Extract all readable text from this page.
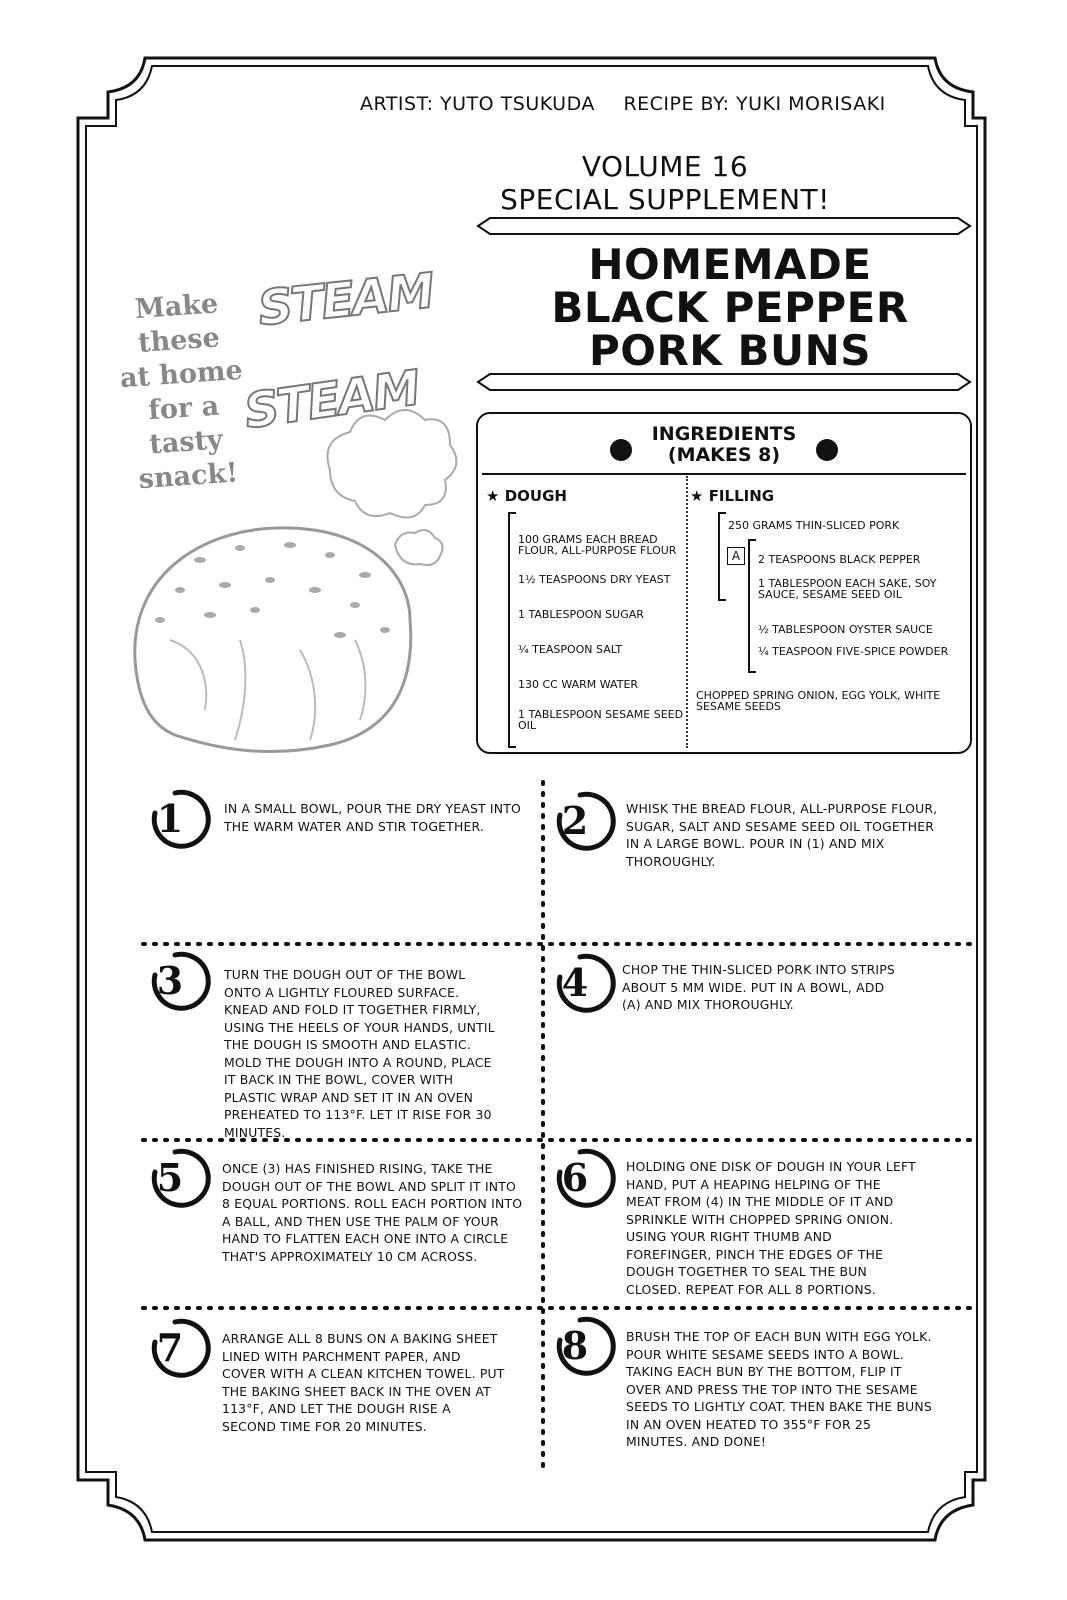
ARTIST: YUTO TSUKUDA RECIPE BY: YUKI MORISAKI
VOLUME 16
SPECIAL SUPPLEMENT!
HOMEMADE
BLACK PEPPER
PORK BUNS
Make
these
at home
for a
tasty
snack!
STEAM
STEAM	INGREDIENTS
(MAKES 8)
★ DOUGH
100 GRAMS EACH BREAD FLOUR, ALL-PURPOSE FLOUR
1½ TEASPOONS DRY YEAST
1 TABLESPOON SUGAR
¼ TEASPOON SALT
130 CC WARM WATER
1 TABLESPOON SESAME SEED OIL
★ FILLING
250 GRAMS THIN-SLICED PORK
A	2 TEASPOONS BLACK PEPPER
1 TABLESPOON EACH SAKE, SOY SAUCE, SESAME SEED OIL
½ TABLESPOON OYSTER SAUCE
¼ TEASPOON FIVE-SPICE POWDER
CHOPPED SPRING ONION, EGG YOLK, WHITE SESAME SEEDS
1	IN A SMALL BOWL, POUR THE DRY YEAST INTO THE WARM WATER AND STIR TOGETHER.	2	WHISK THE BREAD FLOUR, ALL-PURPOSE FLOUR, SUGAR, SALT AND SESAME SEED OIL TOGETHER IN A LARGE BOWL. POUR IN (1) AND MIX THOROUGHLY.
3	TURN THE DOUGH OUT OF THE BOWL ONTO A LIGHTLY FLOURED SURFACE. KNEAD AND FOLD IT TOGETHER FIRMLY, USING THE HEELS OF YOUR HANDS, UNTIL THE DOUGH IS SMOOTH AND ELASTIC. MOLD THE DOUGH INTO A ROUND, PLACE IT BACK IN THE BOWL, COVER WITH PLASTIC WRAP AND SET IT IN AN OVEN PREHEATED TO 113°F. LET IT RISE FOR 30 MINUTES.
4	CHOP THE THIN-SLICED PORK INTO STRIPS ABOUT 5 MM WIDE. PUT IN A BOWL, ADD (A) AND MIX THOROUGHLY.
5	ONCE (3) HAS FINISHED RISING, TAKE THE DOUGH OUT OF THE BOWL AND SPLIT IT INTO 8 EQUAL PORTIONS. ROLL EACH PORTION INTO A BALL, AND THEN USE THE PALM OF YOUR HAND TO FLATTEN EACH ONE INTO A CIRCLE THAT'S APPROXIMATELY 10 CM ACROSS.
6	HOLDING ONE DISK OF DOUGH IN YOUR LEFT HAND, PUT A HEAPING HELPING OF THE MEAT FROM (4) IN THE MIDDLE OF IT AND SPRINKLE WITH CHOPPED SPRING ONION. USING YOUR RIGHT THUMB AND FOREFINGER, PINCH THE EDGES OF THE DOUGH TOGETHER TO SEAL THE BUN CLOSED. REPEAT FOR ALL 8 PORTIONS.
7	ARRANGE ALL 8 BUNS ON A BAKING SHEET LINED WITH PARCHMENT PAPER, AND COVER WITH A CLEAN KITCHEN TOWEL. PUT THE BAKING SHEET BACK IN THE OVEN AT 113°F, AND LET THE DOUGH RISE A SECOND TIME FOR 20 MINUTES.
8	BRUSH THE TOP OF EACH BUN WITH EGG YOLK. POUR WHITE SESAME SEEDS INTO A BOWL. TAKING EACH BUN BY THE BOTTOM, FLIP IT OVER AND PRESS THE TOP INTO THE SESAME SEEDS TO LIGHTLY COAT. THEN BAKE THE BUNS IN AN OVEN HEATED TO 355°F FOR 25 MINUTES. AND DONE!
